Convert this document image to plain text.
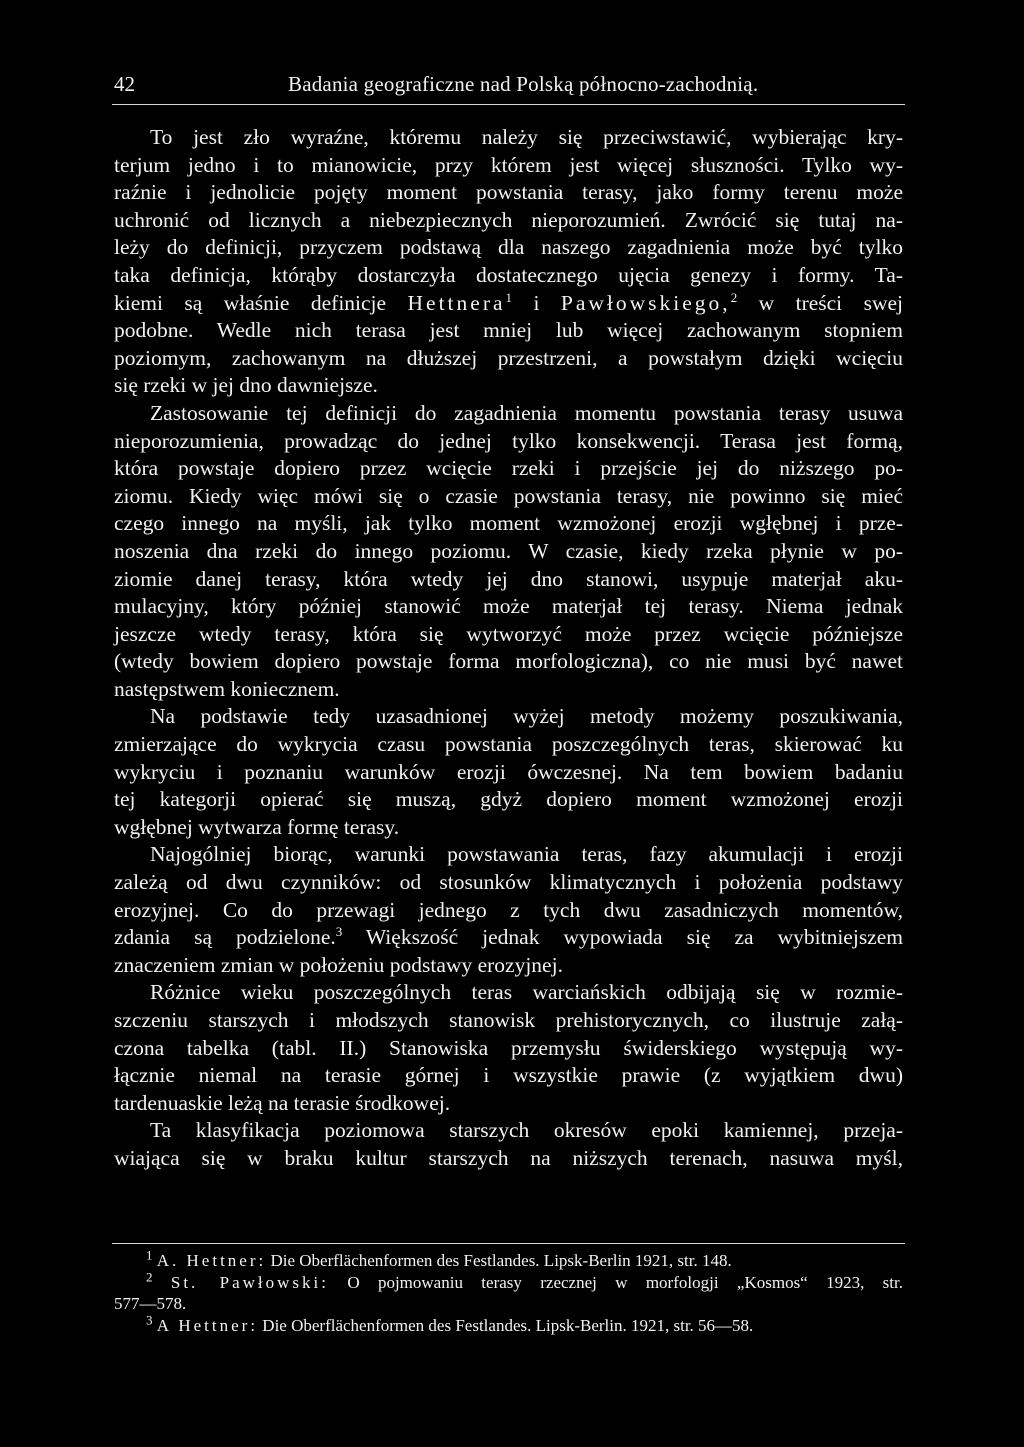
42	Badania geograficzne nad Polską północno-zachodnią.
To jest zło wyraźne, któremu należy się przeciwstawić, wybierając kry-
terjum jedno i to mianowicie, przy którem jest więcej słuszności. Tylko wy-
raźnie i jednolicie pojęty moment powstania terasy, jako formy terenu może
uchronić od licznych a niebezpiecznych nieporozumień. Zwrócić się tutaj na-
leży do definicji, przyczem podstawą dla naszego zagadnienia może być tylko
taka definicja, którąby dostarczyła dostatecznego ujęcia genezy i formy. Ta-
kiemi są właśnie definicje Hettnera$^1$ i Pawłowskiego,$^2$ w treści swej
podobne. Wedle nich terasa jest mniej lub więcej zachowanym stopniem
poziomym, zachowanym na dłuższej przestrzeni, a powstałym dzięki wcięciu
się rzeki w jej dno dawniejsze.
Zastosowanie tej definicji do zagadnienia momentu powstania terasy usuwa
nieporozumienia, prowadząc do jednej tylko konsekwencji. Terasa jest formą,
która powstaje dopiero przez wcięcie rzeki i przejście jej do niższego po-
ziomu. Kiedy więc mówi się o czasie powstania terasy, nie powinno się mieć
czego innego na myśli, jak tylko moment wzmożonej erozji wgłębnej i prze-
noszenia dna rzeki do innego poziomu. W czasie, kiedy rzeka płynie w po-
ziomie danej terasy, która wtedy jej dno stanowi, usypuje materjał aku-
mulacyjny, który później stanowić może materjał tej terasy. Niema jednak
jeszcze wtedy terasy, która się wytworzyć może przez wcięcie późniejsze
(wtedy bowiem dopiero powstaje forma morfologiczna), co nie musi być nawet
następstwem koniecznem.
Na podstawie tedy uzasadnionej wyżej metody możemy poszukiwania,
zmierzające do wykrycia czasu powstania poszczególnych teras, skierować ku
wykryciu i poznaniu warunków erozji ówczesnej. Na tem bowiem badaniu
tej kategorji opierać się muszą, gdyż dopiero moment wzmożonej erozji
wgłębnej wytwarza formę terasy.
Najogólniej biorąc, warunki powstawania teras, fazy akumulacji i erozji
zależą od dwu czynników: od stosunków klimatycznych i położenia podstawy
erozyjnej. Co do przewagi jednego z tych dwu zasadniczych momentów,
zdania są podzielone.$^3$ Większość jednak wypowiada się za wybitniejszem
znaczeniem zmian w położeniu podstawy erozyjnej.
Różnice wieku poszczególnych teras warciańskich odbijają się w rozmie-
szczeniu starszych i młodszych stanowisk prehistorycznych, co ilustruje załą-
czona tabelka (tabl. II.) Stanowiska przemysłu świderskiego występują wy-
łącznie niemal na terasie górnej i wszystkie prawie (z wyjątkiem dwu)
tardenuaskie leżą na terasie środkowej.
Ta klasyfikacja poziomowa starszych okresów epoki kamiennej, przeja-
wiająca się w braku kultur starszych na niższych terenach, nasuwa myśl,
$^1$ A. Hettner: Die Oberflächenformen des Festlandes. Lipsk-Berlin 1921, str. 148.
$^2$ St. Pawłowski: O pojmowaniu terasy rzecznej w morfologji „Kosmos“ 1923, str.
577—578.
$^3$ A Hettner: Die Oberflächenformen des Festlandes. Lipsk-Berlin. 1921, str. 56—58.
